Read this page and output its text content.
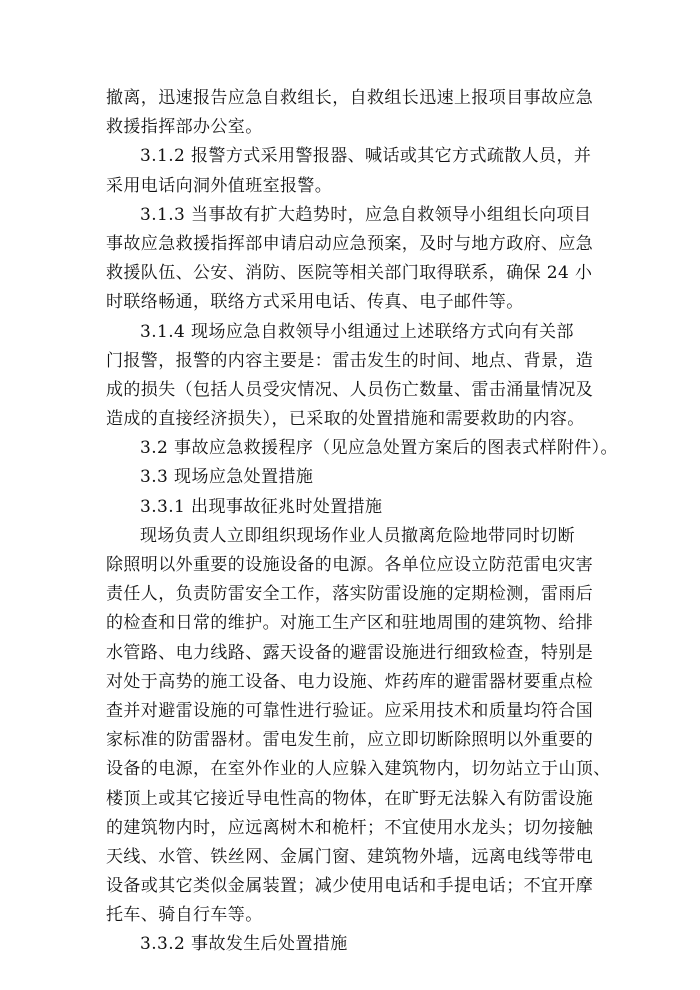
撤离，迅速报告应急自救组长，自救组长迅速上报项目事故应急
救援指挥部办公室。
3.1.2 报警方式采用警报器、喊话或其它方式疏散人员，并
采用电话向洞外值班室报警。
3.1.3 当事故有扩大趋势时，应急自救领导小组组长向项目
事故应急救援指挥部申请启动应急预案，及时与地方政府、应急
救援队伍、公安、消防、医院等相关部门取得联系，确保 24 小
时联络畅通，联络方式采用电话、传真、电子邮件等。
3.1.4 现场应急自救领导小组通过上述联络方式向有关部
门报警，报警的内容主要是：雷击发生的时间、地点、背景，造
成的损失（包括人员受灾情况、人员伤亡数量、雷击涌量情况及
造成的直接经济损失），已采取的处置措施和需要救助的内容。
3.2 事故应急救援程序（见应急处置方案后的图表式样附件）。
3.3 现场应急处置措施
3.3.1 出现事故征兆时处置措施
现场负责人立即组织现场作业人员撤离危险地带同时切断
除照明以外重要的设施设备的电源。各单位应设立防范雷电灾害
责任人，负责防雷安全工作，落实防雷设施的定期检测，雷雨后
的检查和日常的维护。对施工生产区和驻地周围的建筑物、给排
水管路、电力线路、露天设备的避雷设施进行细致检查，特别是
对处于高势的施工设备、电力设施、炸药库的避雷器材要重点检
查并对避雷设施的可靠性进行验证。应采用技术和质量均符合国
家标准的防雷器材。雷电发生前，应立即切断除照明以外重要的
设备的电源，在室外作业的人应躲入建筑物内，切勿站立于山顶、
楼顶上或其它接近导电性高的物体，在旷野无法躲入有防雷设施
的建筑物内时，应远离树木和桅杆；不宜使用水龙头；切勿接触
天线、水管、铁丝网、金属门窗、建筑物外墙，远离电线等带电
设备或其它类似金属装置；减少使用电话和手提电话；不宜开摩
托车、骑自行车等。
3.3.2 事故发生后处置措施
